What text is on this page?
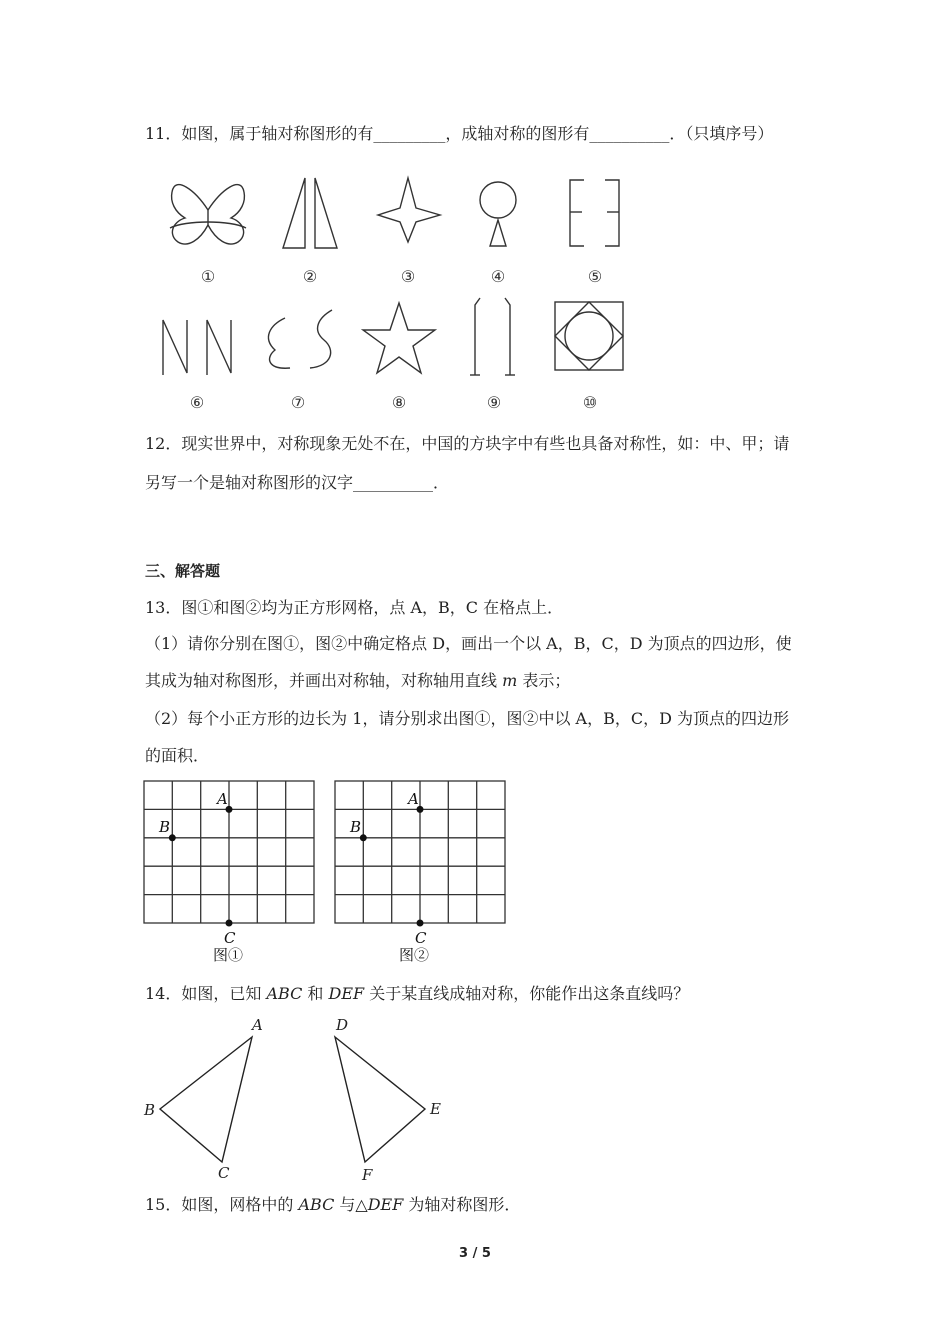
11．如图，属于轴对称图形的有_________，成轴对称的图形有__________．（只填序号）
①	②	③	④	⑤
⑥	⑦	⑧	⑨	⑩
12．现实世界中，对称现象无处不在，中国的方块字中有些也具备对称性，如：中、甲；请
另写一个是轴对称图形的汉字__________．
三、解答题
13．图①和图②均为正方形网格，点 A，B，C 在格点上．
（1）请你分别在图①，图②中确定格点 D，画出一个以 A，B，C，D 为顶点的四边形，使
其成为轴对称图形，并画出对称轴，对称轴用直线 m 表示；
（2）每个小正方形的边长为 1，请分别求出图①，图②中以 A，B，C，D 为顶点的四边形
的面积．
A
B
C
图①
A
B
C
图②
14．如图，已知 ABC 和 DEF 关于某直线成轴对称，你能作出这条直线吗？
A
B
C
D
E
F
15．如图，网格中的 ABC 与△DEF 为轴对称图形．
3 / 5
